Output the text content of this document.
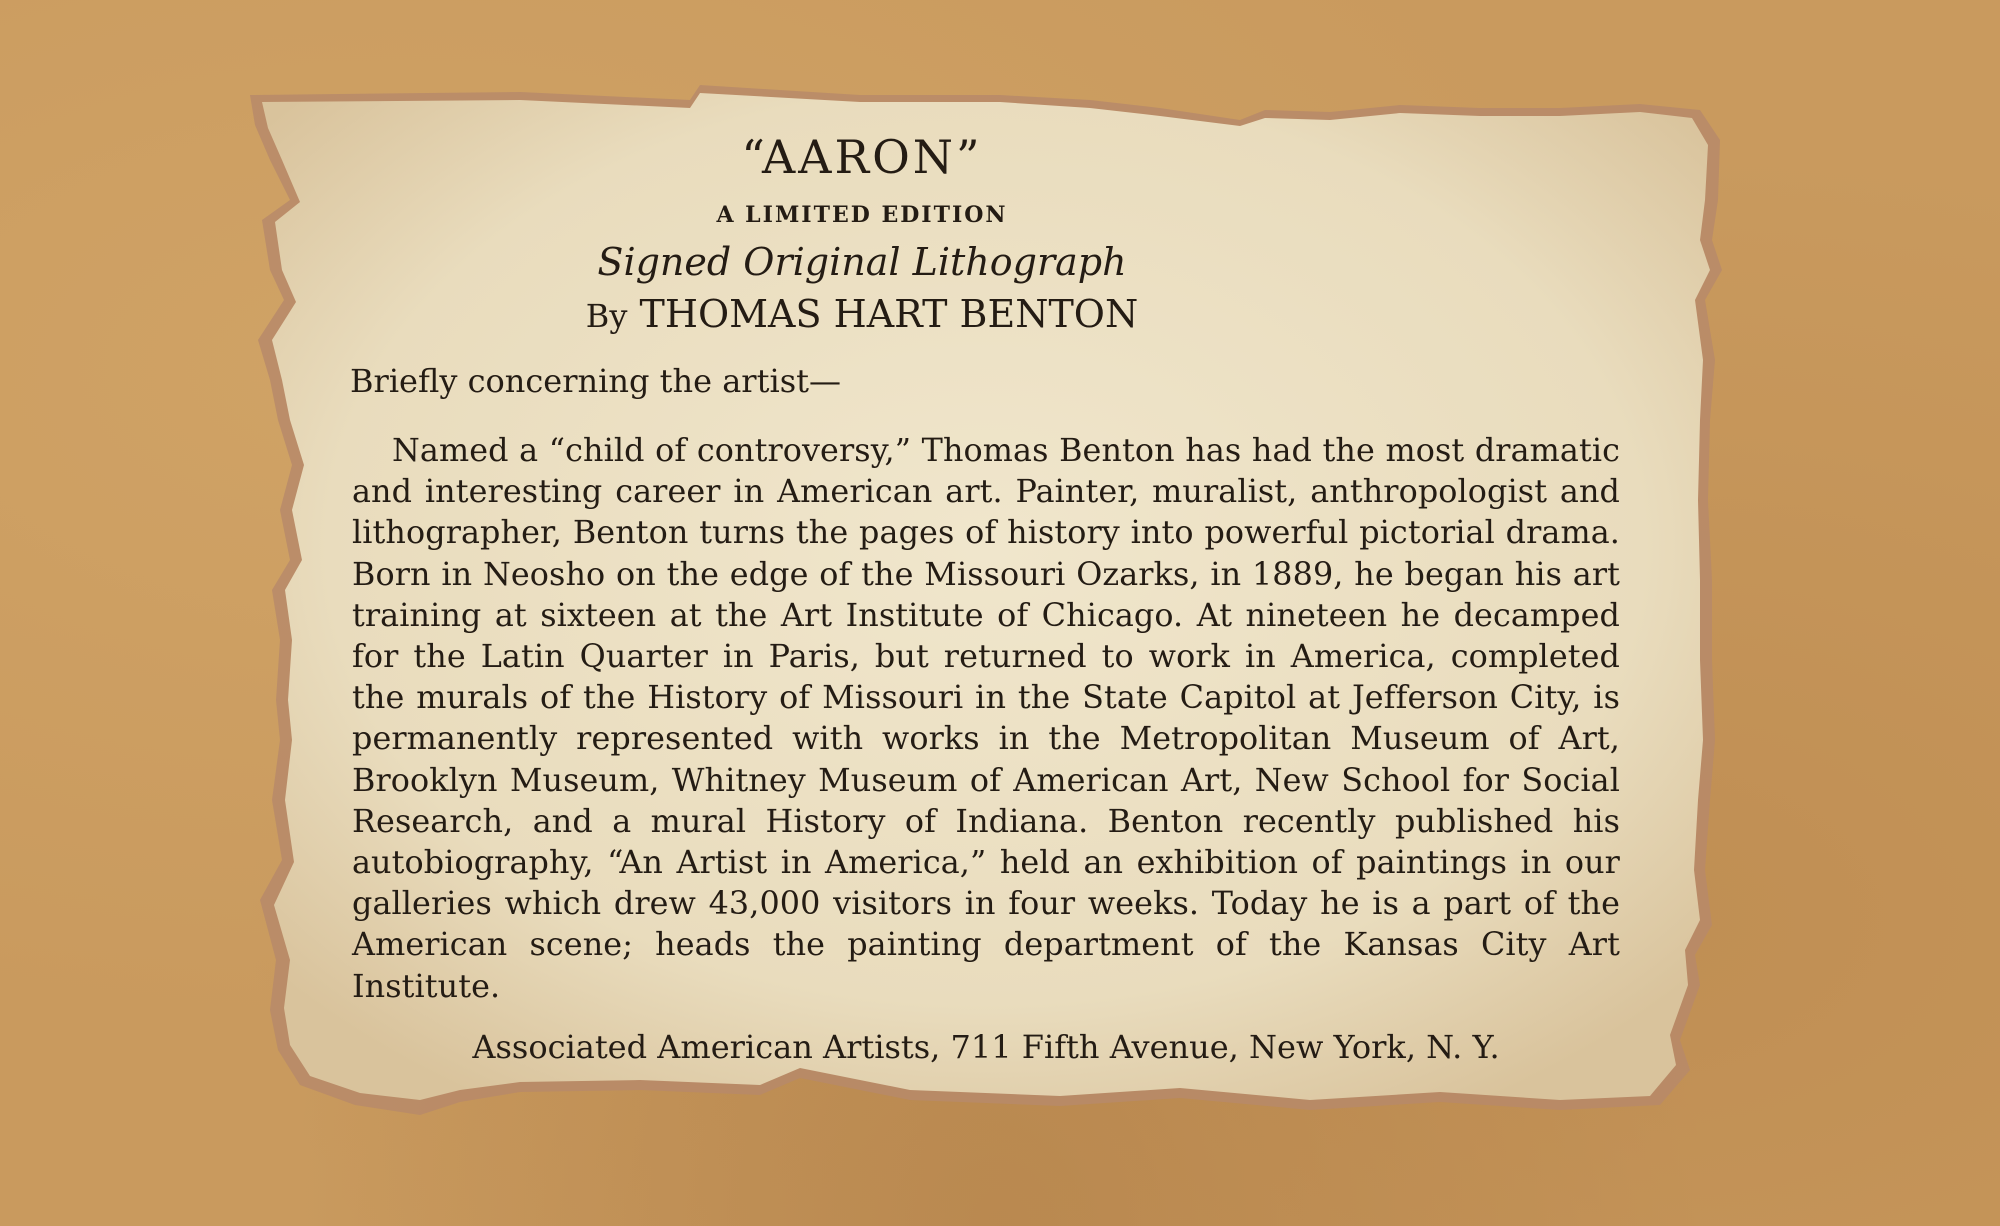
“AARON”
A LIMITED EDITION
Signed Original Lithograph
By THOMAS HART BENTON
Briefly concerning the artist—

Named a “child of controversy,” Thomas Benton has had the most dramatic and interesting career in American art. Painter, muralist, anthropologist and lithographer, Benton turns the pages of history into powerful pictorial drama. Born in Neosho on the edge of the Missouri Ozarks, in 1889, he began his art training at sixteen at the Art Institute of Chicago. At nineteen he decamped for the Latin Quarter in Paris, but returned to work in America, completed the murals of the History of Missouri in the State Capitol at Jefferson City, is permanently represented with works in the Metropolitan Museum of Art, Brooklyn Museum, Whitney Museum of American Art, New School for Social Research, and a mural History of Indiana. Benton recently published his autobiography, “An Artist in America,” held an exhibition of paintings in our galleries which drew 43,000 visitors in four weeks. Today he is a part of the American scene; heads the painting department of the Kansas City Art Institute.

Associated American Artists, 711 Fifth Avenue, New York, N. Y.
